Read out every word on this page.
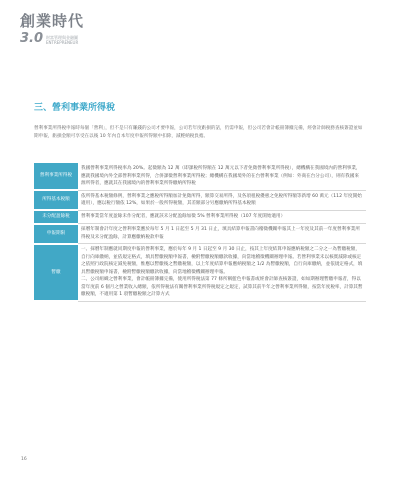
創業時代
3.0 財富管理與金融圖
ENTREPRENEUR
三、營利事業所得稅
營利事業所得稅申報時每個「營利」，但不是只有賺錢的公司才要申報，公司若年度虧損的話，仍需申報，但公司若會計帳冊簿據完備，經會計師稅務查核簽證並如期申報，虧損金額可享受在以後 10 年內自本年度申報所得額中扣除，減輕納稅負擔。
營利事業所得稅	我國營利事業所得稅率為 20%。起徵額為 12 萬（即課稅所得額在 12 萬元以下者免徵營利事業所得稅），總機構在我國境內的營利事業，應就我國境內外全部營利事業所得，合併課徵營利事業所得稅；總機構在我國境外的在台營利事業（例如：外商在台分公司），則有我國來源所得者，應就其在我國境內的營利事業所得繳納所得稅

所得基本稅額	依所得基本稅額條例，營利事業之應稅所得額加計免徵所得，額算交易所得，及各項租稅優惠之免稅所得額等新增 60 萬元（112 年度開始適用），應以稅行額依 12%，如果於一般所得稅額，其差額部分另應繳納所得基本稅額

未分配盈餘稅	營利事業當年度盈餘未作分配者，應就該未分配盈餘加徵 5% 營利事業所得稅（107 年度開始適用）

申報期限	採曆年制會計年度之營利事業應於每年 5 月 1 日起至 5 月 31 日止，填具結算申報書向稽徵機關申報其上一年度及其前一年度營利事業所得稅及未分配盈餘，計算應繳納稅款申報

暫繳	一、採曆年制應就同期度申報的營利事業，應於每年 9 月 1 日起至 9 月 30 日止，按其上年度結算申報應納稅額之二分之一為暫繳稅額，自行向庫繳納，並依規定格式，填具暫繳稅額申報書，檢附暫繳稅額繳款收據，向當地稽徵機關辦理申報。若營利事業未以核實減除或核定之依照行政院核定減免稅額，惟應以暫繳後之暫繳稅額，以上年度結算申報應納稅額之 1/2 為暫繳稅額，自行向庫繳納，並依規定格式，填具暫繳稅額申報書，檢附暫繳稅額繳款收據，向當地稽徵機關辦理申報。
二、公司組織之營利事業，會計帳冊簿據完備，使用所得稅法第 77 條所稱藍色申報書或經會計師查核簽證，如如期辦理暫繳申報者，得以當年度前 6 個月之營業收入總額，依所得稅法有關營利事業所得稅規定之規定，試算其前半年之營利事業所得額，按當年度稅率，計算其暫繳稅額，不適用第 1 項暫繳稅額之計算方式
16
